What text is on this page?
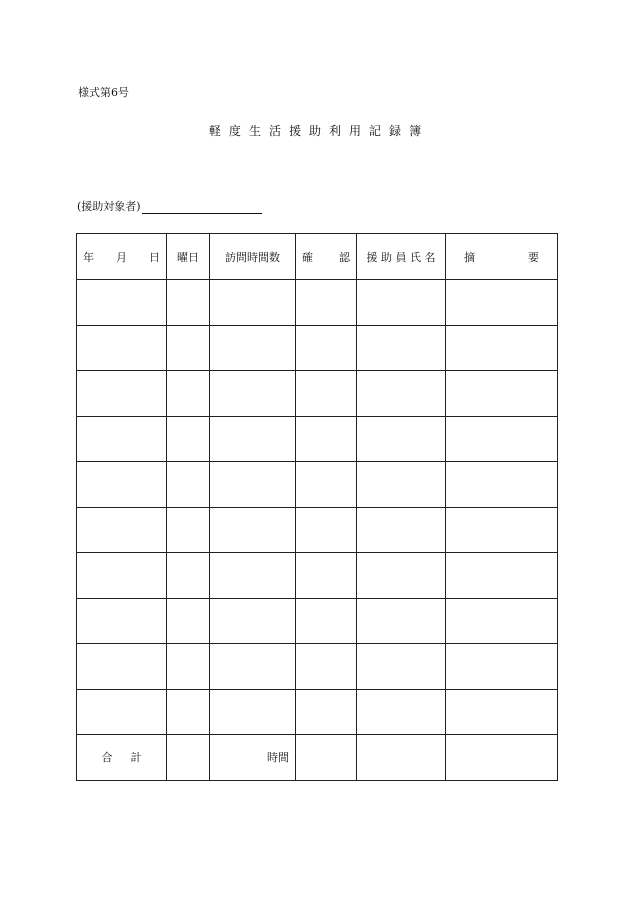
様式第6号
軽 度 生 活 援 助 利 用 記 録 簿
(援助対象者)
年 月 日	曜日	訪問時間数	確 認	援 助 員 氏 名	摘 要

合 計		時間			
